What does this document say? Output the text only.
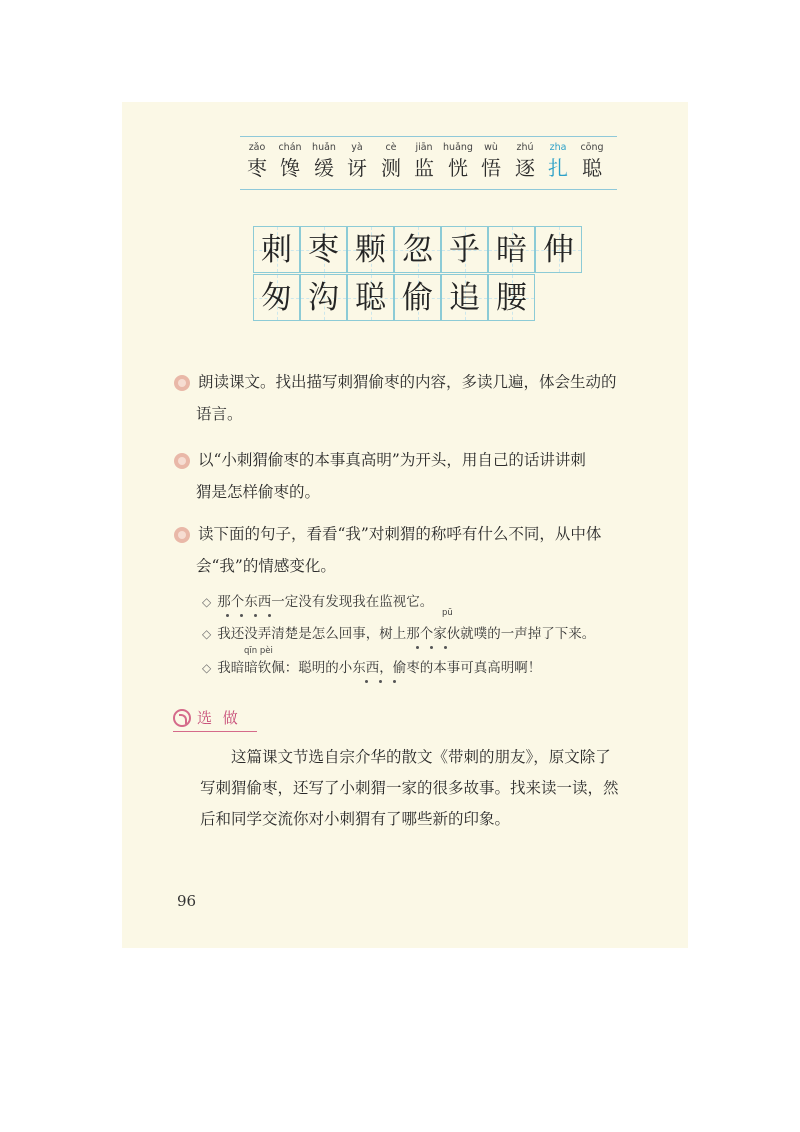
zǎo
枣
chán
馋
huǎn
缓
yà
讶
cè
测
jiān
监
huǎng
恍
wù
悟
zhú
逐
zha
扎
cōng
聪
刺 枣 颗 忽 乎 暗 伸
匆 沟 聪 偷 追 腰
朗读课文。找出描写刺猬偷枣的内容，多读几遍，体会生动的
语言。
以“小刺猬偷枣的本事真高明”为开头，用自己的话讲讲刺
猬是怎样偷枣的。
读下面的句子，看看“我”对刺猬的称呼有什么不同，从中体
会“我”的情感变化。
◇ 那个东西一定没有发现我在监视它。
pū
◇ 我还没弄清楚是怎么回事，树上那个家伙就噗的一声掉了下来。
qīn pèi
◇ 我暗暗钦佩：聪明的小东西，偷枣的本事可真高明啊！
选 做
这篇课文节选自宗介华的散文《带刺的朋友》，原文除了
写刺猬偷枣，还写了小刺猬一家的很多故事。找来读一读，然
后和同学交流你对小刺猬有了哪些新的印象。
96
